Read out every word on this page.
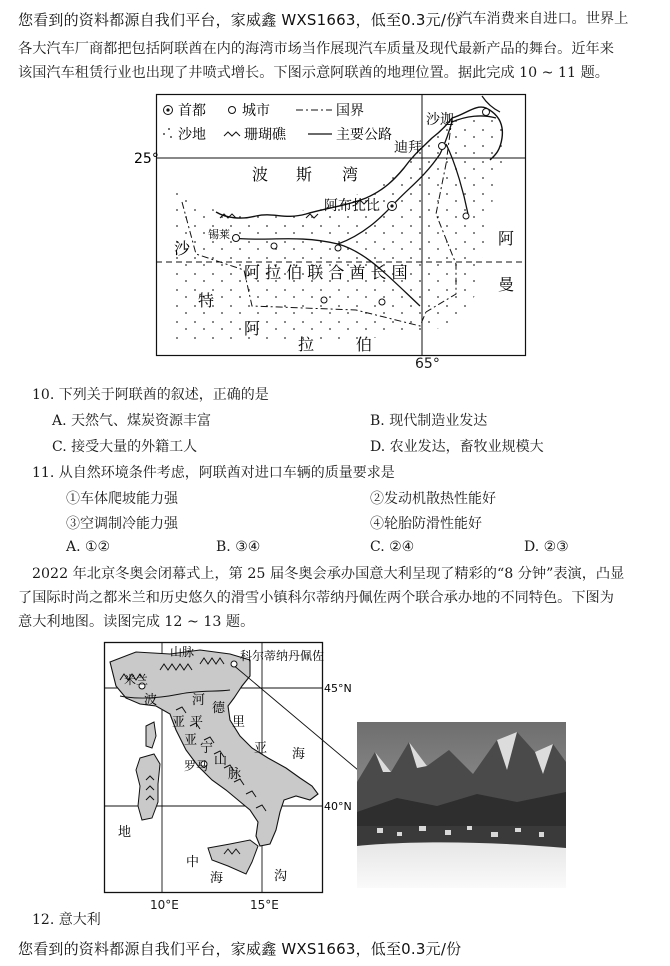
汽车消费来自进口。世界上
您看到的资料都源自我们平台，家威鑫 WXS1663，低至0.3元/份
各大汽车厂商都把包括阿联酋在内的海湾市场当作展现汽车质量及现代最新产品的舞台。近年来
该国汽车租赁行业也出现了井喷式增长。下图示意阿联酋的地理位置。据此完成 10 ~ 11 题。
首都	城市	国界
沙地	珊瑚礁	主要公路
25°
波 斯 湾
阿布扎比
迪拜
沙迦
锡莱
阿 拉 伯 联 合 酋 长 国
沙
特
阿
拉	伯
阿
曼
65°
10. 下列关于阿联酋的叙述，正确的是
A. 天然气、煤炭资源丰富	B. 现代制造业发达
C. 接受大量的外籍工人	D. 农业发达，畜牧业规模大
11. 从自然环境条件考虑，阿联酋对进口车辆的质量要求是
①车体爬坡能力强	②发动机散热性能好
③空调制冷能力强	④轮胎防滑性能好
A. ①②	B. ③④	C. ②④	D. ②③
2022 年北京冬奥会闭幕式上，第 25 届冬奥会承办国意大利呈现了精彩的“8 分钟”表演，凸显
了国际时尚之都米兰和历史悠久的滑雪小镇科尔蒂纳丹佩佐两个联合承办地的不同特色。下图为
意大利地图。读图完成 12 ~ 13 题。
科尔蒂纳丹佩佐
米兰
山 脉
波	河
亚 平
亚
宁
山
脉
德
里
亚 海
罗马
地
中
海	沟
45°N
40°N
10°E	15°E
12. 意大利
您看到的资料都源自我们平台，家威鑫 WXS1663，低至0.3元/份
